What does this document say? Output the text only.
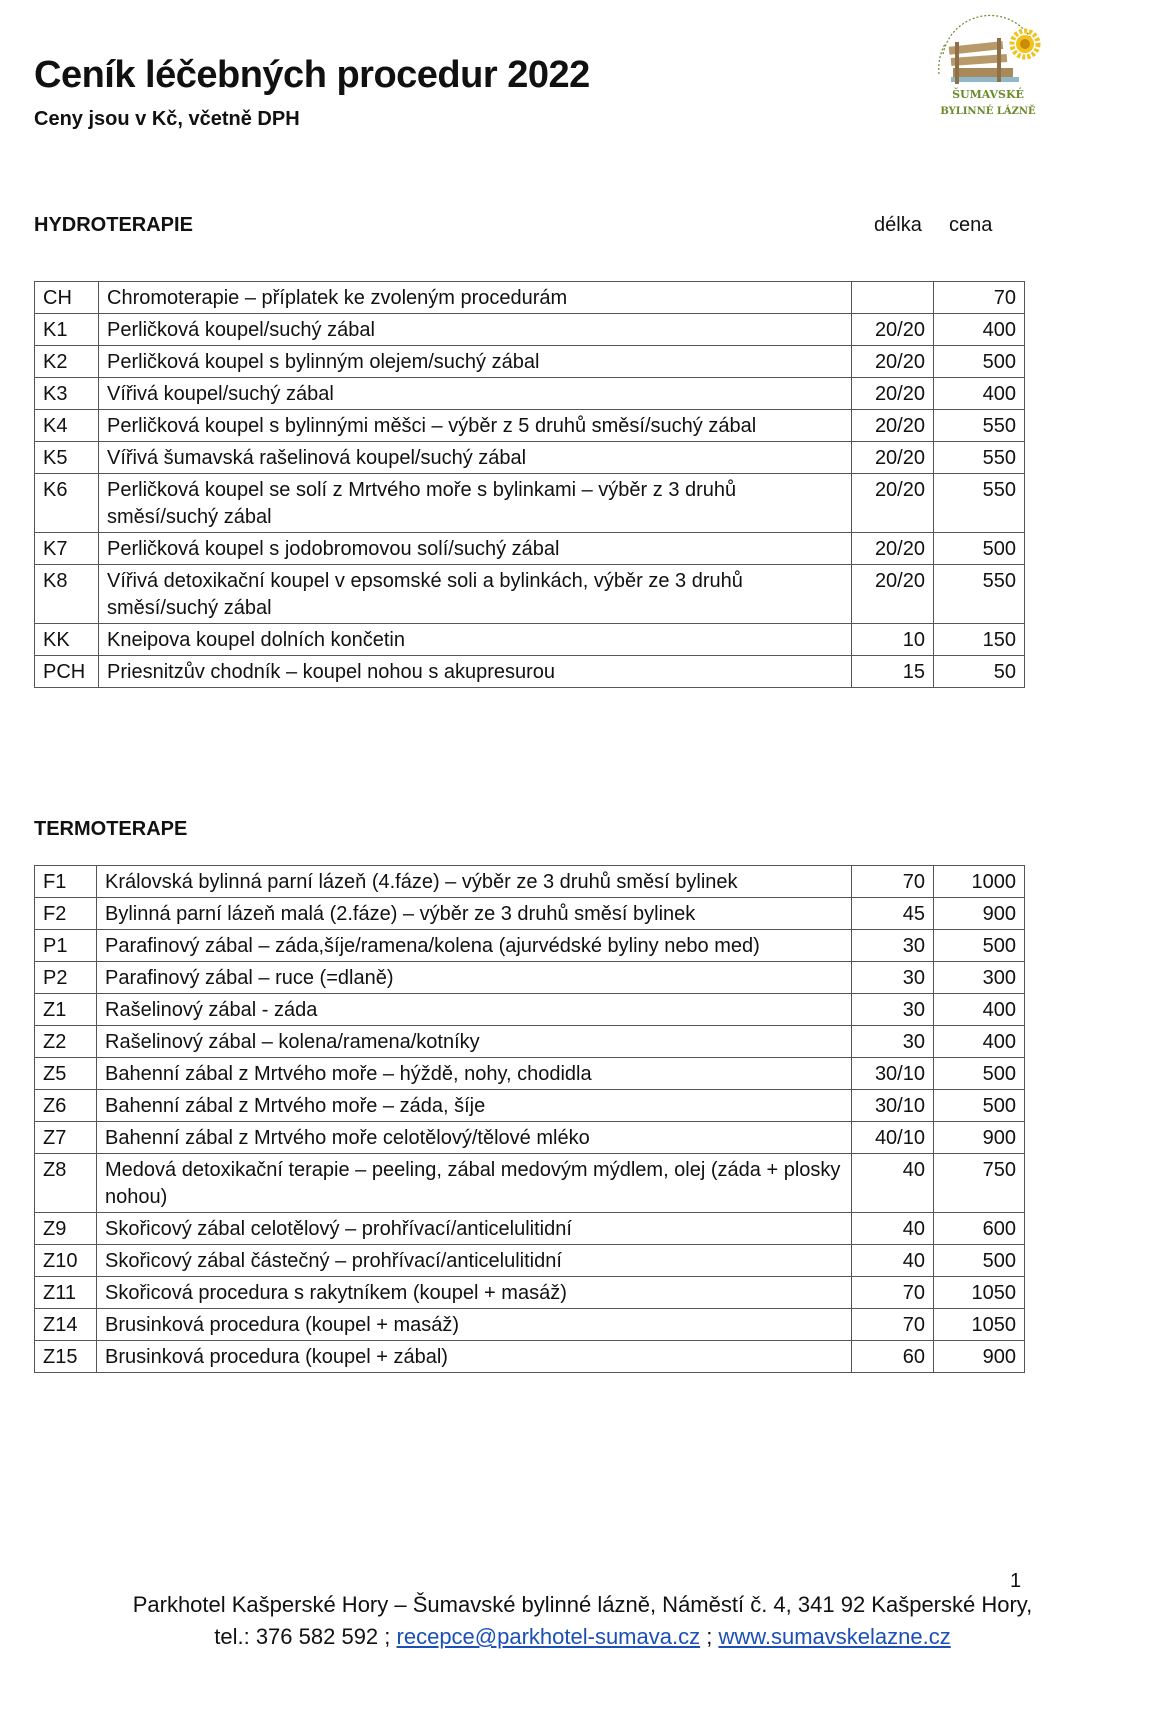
Ceník léčebných procedur 2022
Ceny jsou v Kč, včetně DPH
ŠUMAVSKÉ
BYLINNÉ LÁZNĚ
HYDROTERAPIE	délka cena
CH	Chromoterapie – příplatek ke zvoleným procedurám		70
K1	Perličková koupel/suchý zábal	20/20	400
K2	Perličková koupel s bylinným olejem/suchý zábal	20/20	500
K3	Vířivá koupel/suchý zábal	20/20	400
K4	Perličková koupel s bylinnými měšci – výběr z 5 druhů směsí/suchý zábal	20/20	550
K5	Vířivá šumavská rašelinová koupel/suchý zábal	20/20	550
K6	Perličková koupel se solí z Mrtvého moře s bylinkami – výběr z 3 druhů směsí/suchý zábal	20/20	550
K7	Perličková koupel s jodobromovou solí/suchý zábal	20/20	500
K8	Vířivá detoxikační koupel v epsomské soli a bylinkách, výběr ze 3 druhů směsí/suchý zábal	20/20	550
KK	Kneipova koupel dolních končetin	10	150
PCH	Priesnitzův chodník – koupel nohou s akupresurou	15	50
TERMOTERAPE
F1	Královská bylinná parní lázeň (4.fáze) – výběr ze 3 druhů směsí bylinek	70	1000
F2	Bylinná parní lázeň malá (2.fáze) – výběr ze 3 druhů směsí bylinek	45	900
P1	Parafinový zábal – záda,šíje/ramena/kolena (ajurvédské byliny nebo med)	30	500
P2	Parafinový zábal – ruce (=dlaně)	30	300
Z1	Rašelinový zábal - záda	30	400
Z2	Rašelinový zábal – kolena/ramena/kotníky	30	400
Z5	Bahenní zábal z Mrtvého moře – hýždě, nohy, chodidla	30/10	500
Z6	Bahenní zábal z Mrtvého moře – záda, šíje	30/10	500
Z7	Bahenní zábal z Mrtvého moře celotělový/tělové mléko	40/10	900
Z8	Medová detoxikační terapie – peeling, zábal medovým mýdlem, olej (záda + plosky nohou)	40	750
Z9	Skořicový zábal celotělový – prohřívací/anticelulitidní	40	600
Z10	Skořicový zábal částečný – prohřívací/anticelulitidní	40	500
Z11	Skořicová procedura s rakytníkem (koupel + masáž)	70	1050
Z14	Brusinková procedura (koupel + masáž)	70	1050
Z15	Brusinková procedura (koupel + zábal)	60	900
1
Parkhotel Kašperské Hory – Šumavské bylinné lázně, Náměstí č. 4, 341 92 Kašperské Hory,
tel.: 376 582 592 ; recepce@parkhotel-sumava.cz ; www.sumavskelazne.cz
